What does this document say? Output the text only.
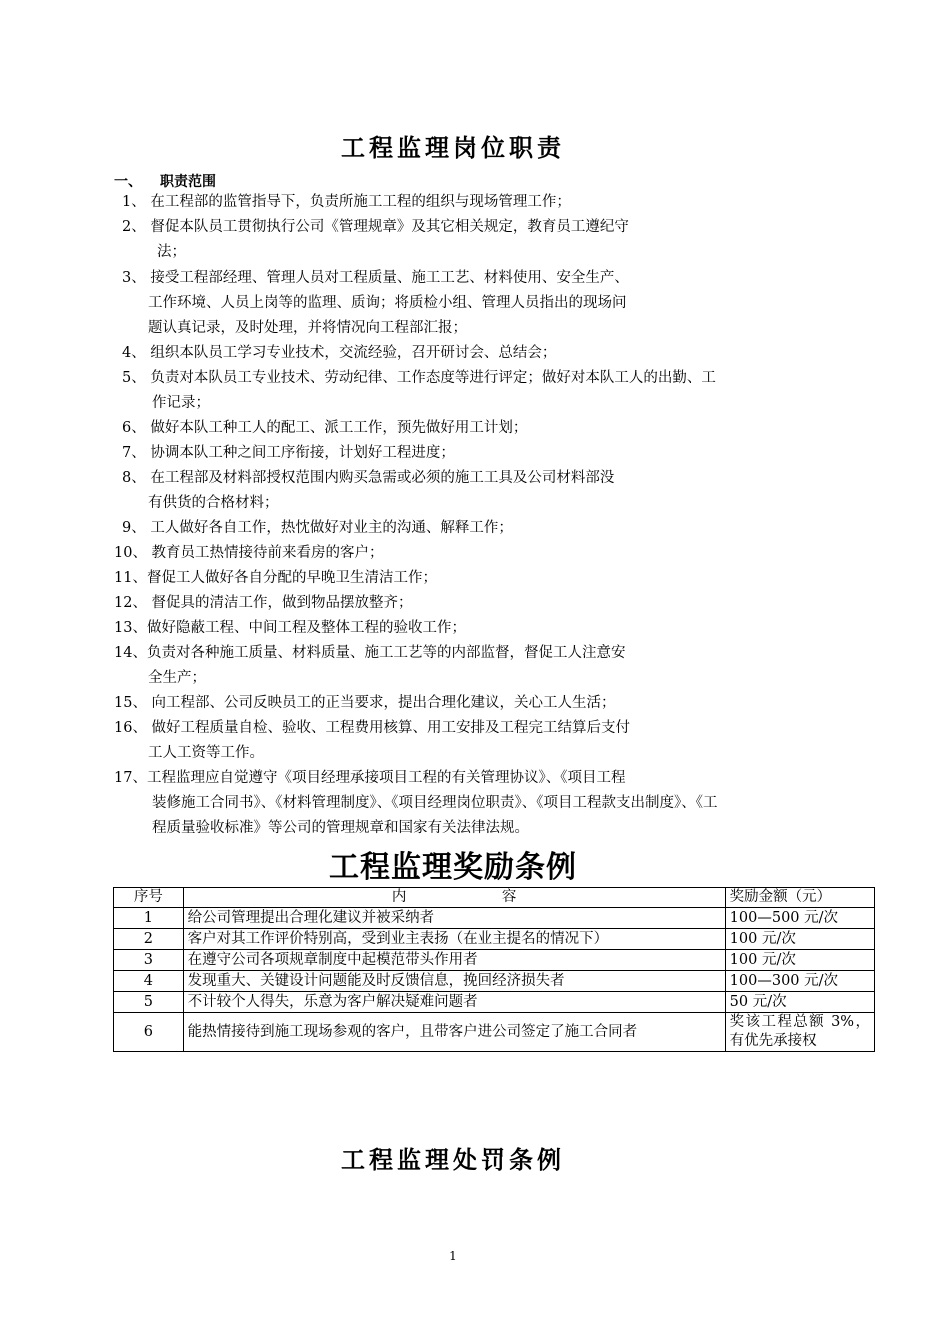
工程监理岗位职责
一、 职责范围
1、 在工程部的监管指导下，负责所施工工程的组织与现场管理工作；
2、 督促本队员工贯彻执行公司《管理规章》及其它相关规定，教育员工遵纪守
法；
3、 接受工程部经理、管理人员对工程质量、施工工艺、材料使用、安全生产、
工作环境、人员上岗等的监理、质询；将质检小组、管理人员指出的现场问
题认真记录，及时处理，并将情况向工程部汇报；
4、 组织本队员工学习专业技术，交流经验，召开研讨会、总结会；
5、 负责对本队员工专业技术、劳动纪律、工作态度等进行评定；做好对本队工人的出勤、工
作记录；
6、 做好本队工种工人的配工、派工工作，预先做好用工计划；
7、 协调本队工种之间工序衔接，计划好工程进度；
8、 在工程部及材料部授权范围内购买急需或必须的施工工具及公司材料部没
有供货的合格材料；
9、 工人做好各自工作，热忱做好对业主的沟通、解释工作；
10、 教育员工热情接待前来看房的客户；
11、督促工人做好各自分配的早晚卫生清洁工作；
12、 督促具的清洁工作，做到物品摆放整齐；
13、做好隐蔽工程、中间工程及整体工程的验收工作；
14、负责对各种施工质量、材料质量、施工工艺等的内部监督，督促工人注意安
全生产；
15、 向工程部、公司反映员工的正当要求，提出合理化建议，关心工人生活；
16、 做好工程质量自检、验收、工程费用核算、用工安排及工程完工结算后支付
工人工资等工作。
17、工程监理应自觉遵守《项目经理承接项目工程的有关管理协议》、《项目工程
装修施工合同书》、《材料管理制度》、《项目经理岗位职责》、《项目工程款支出制度》、《工
程质量验收标准》等公司的管理规章和国家有关法律法规。
工程监理奖励条例
序号	内 容	奖励金额（元）
1	给公司管理提出合理化建议并被采纳者	100—500 元/次
2	客户对其工作评价特别高，受到业主表扬（在业主提名的情况下）	100 元/次
3	在遵守公司各项规章制度中起模范带头作用者	100 元/次
4	发现重大、关键设计问题能及时反馈信息，挽回经济损失者	100—300 元/次
5	不计较个人得失，乐意为客户解决疑难问题者	50 元/次
6	能热情接待到施工现场参观的客户，且带客户进公司签定了施工合同者	奖该工程总额 3%，有优先承接权
工程监理处罚条例
1
